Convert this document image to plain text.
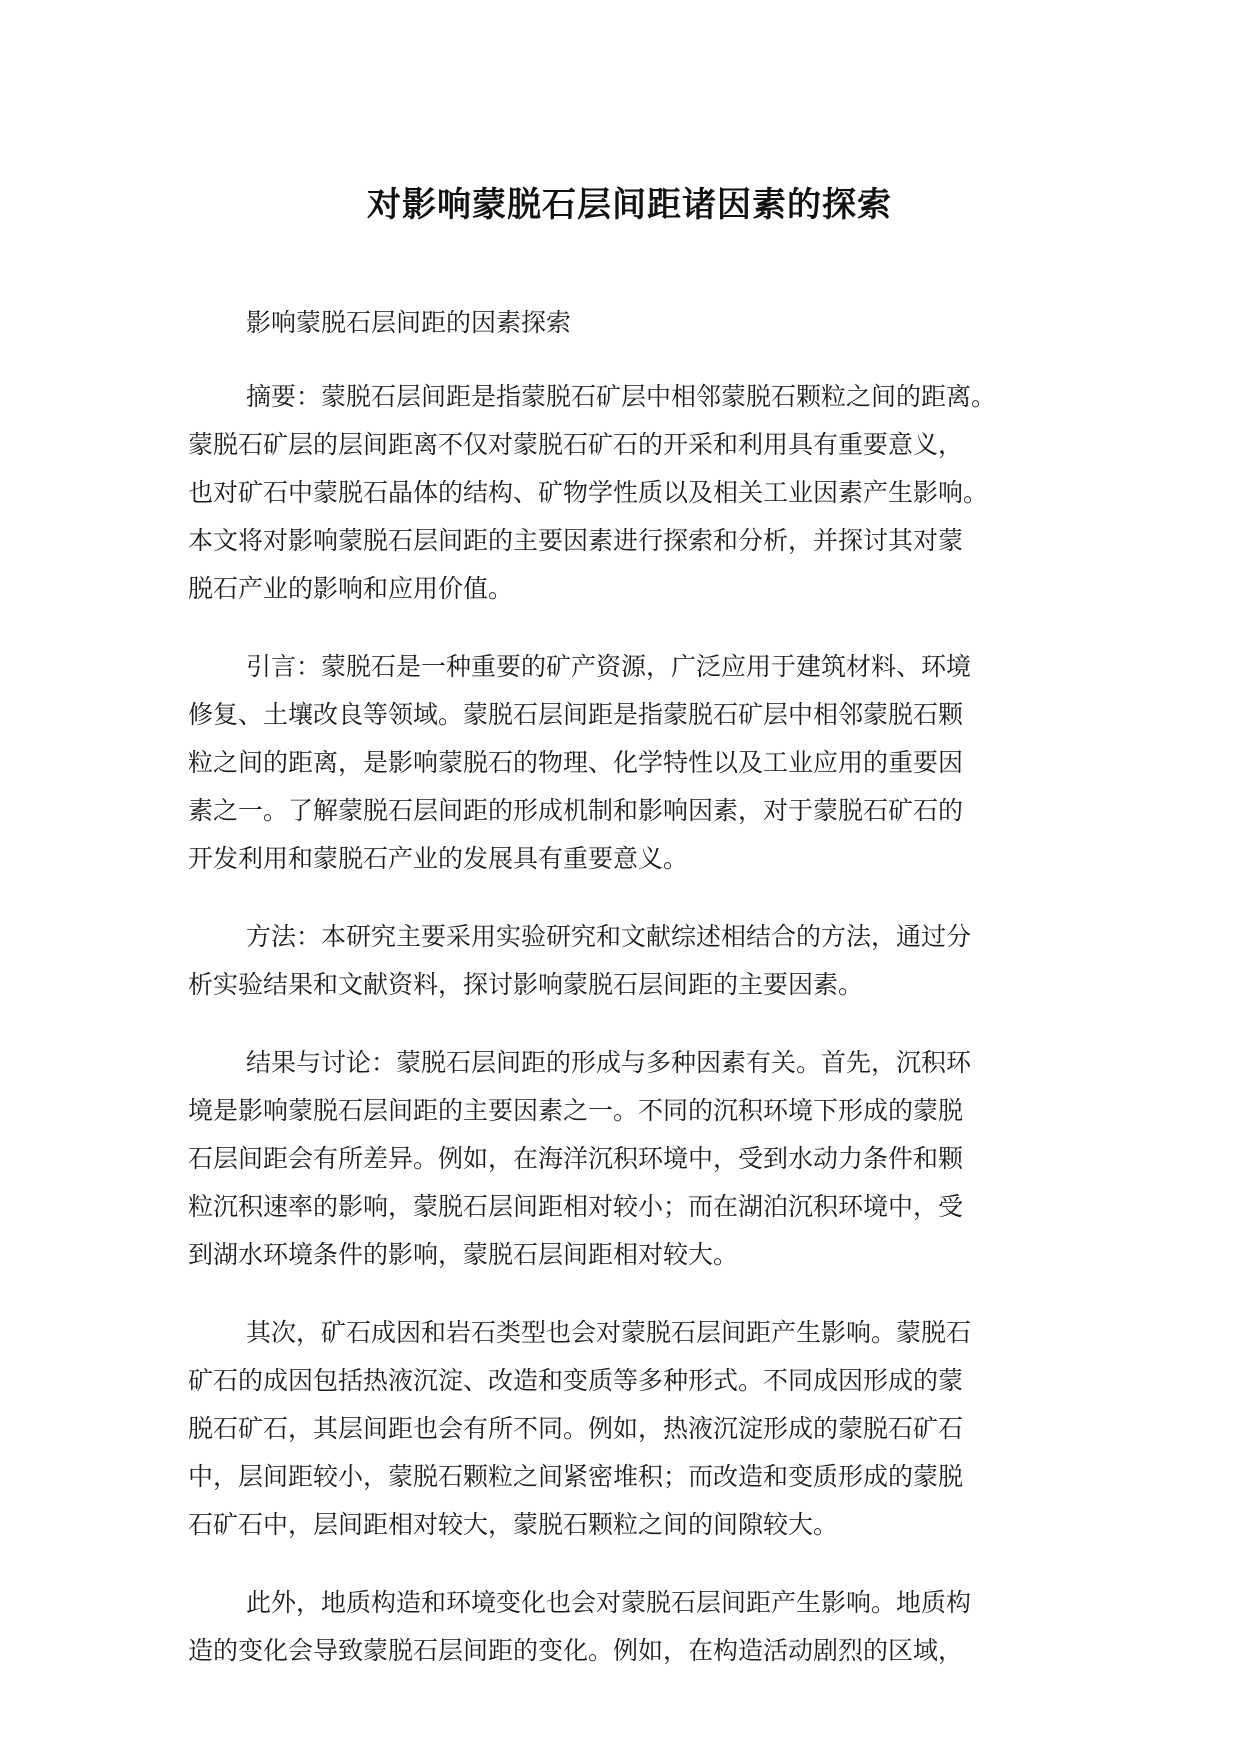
对影响蒙脱石层间距诸因素的探索

影响蒙脱石层间距的因素探索

摘要：蒙脱石层间距是指蒙脱石矿层中相邻蒙脱石颗粒之间的距离。
蒙脱石矿层的层间距离不仅对蒙脱石矿石的开采和利用具有重要意义，
也对矿石中蒙脱石晶体的结构、矿物学性质以及相关工业因素产生影响。
本文将对影响蒙脱石层间距的主要因素进行探索和分析，并探讨其对蒙
脱石产业的影响和应用价值。

引言：蒙脱石是一种重要的矿产资源，广泛应用于建筑材料、环境
修复、土壤改良等领域。蒙脱石层间距是指蒙脱石矿层中相邻蒙脱石颗
粒之间的距离，是影响蒙脱石的物理、化学特性以及工业应用的重要因
素之一。了解蒙脱石层间距的形成机制和影响因素，对于蒙脱石矿石的
开发利用和蒙脱石产业的发展具有重要意义。

方法：本研究主要采用实验研究和文献综述相结合的方法，通过分
析实验结果和文献资料，探讨影响蒙脱石层间距的主要因素。

结果与讨论：蒙脱石层间距的形成与多种因素有关。首先，沉积环
境是影响蒙脱石层间距的主要因素之一。不同的沉积环境下形成的蒙脱
石层间距会有所差异。例如，在海洋沉积环境中，受到水动力条件和颗
粒沉积速率的影响，蒙脱石层间距相对较小；而在湖泊沉积环境中，受
到湖水环境条件的影响，蒙脱石层间距相对较大。

其次，矿石成因和岩石类型也会对蒙脱石层间距产生影响。蒙脱石
矿石的成因包括热液沉淀、改造和变质等多种形式。不同成因形成的蒙
脱石矿石，其层间距也会有所不同。例如，热液沉淀形成的蒙脱石矿石
中，层间距较小，蒙脱石颗粒之间紧密堆积；而改造和变质形成的蒙脱
石矿石中，层间距相对较大，蒙脱石颗粒之间的间隙较大。

此外，地质构造和环境变化也会对蒙脱石层间距产生影响。地质构
造的变化会导致蒙脱石层间距的变化。例如，在构造活动剧烈的区域，
